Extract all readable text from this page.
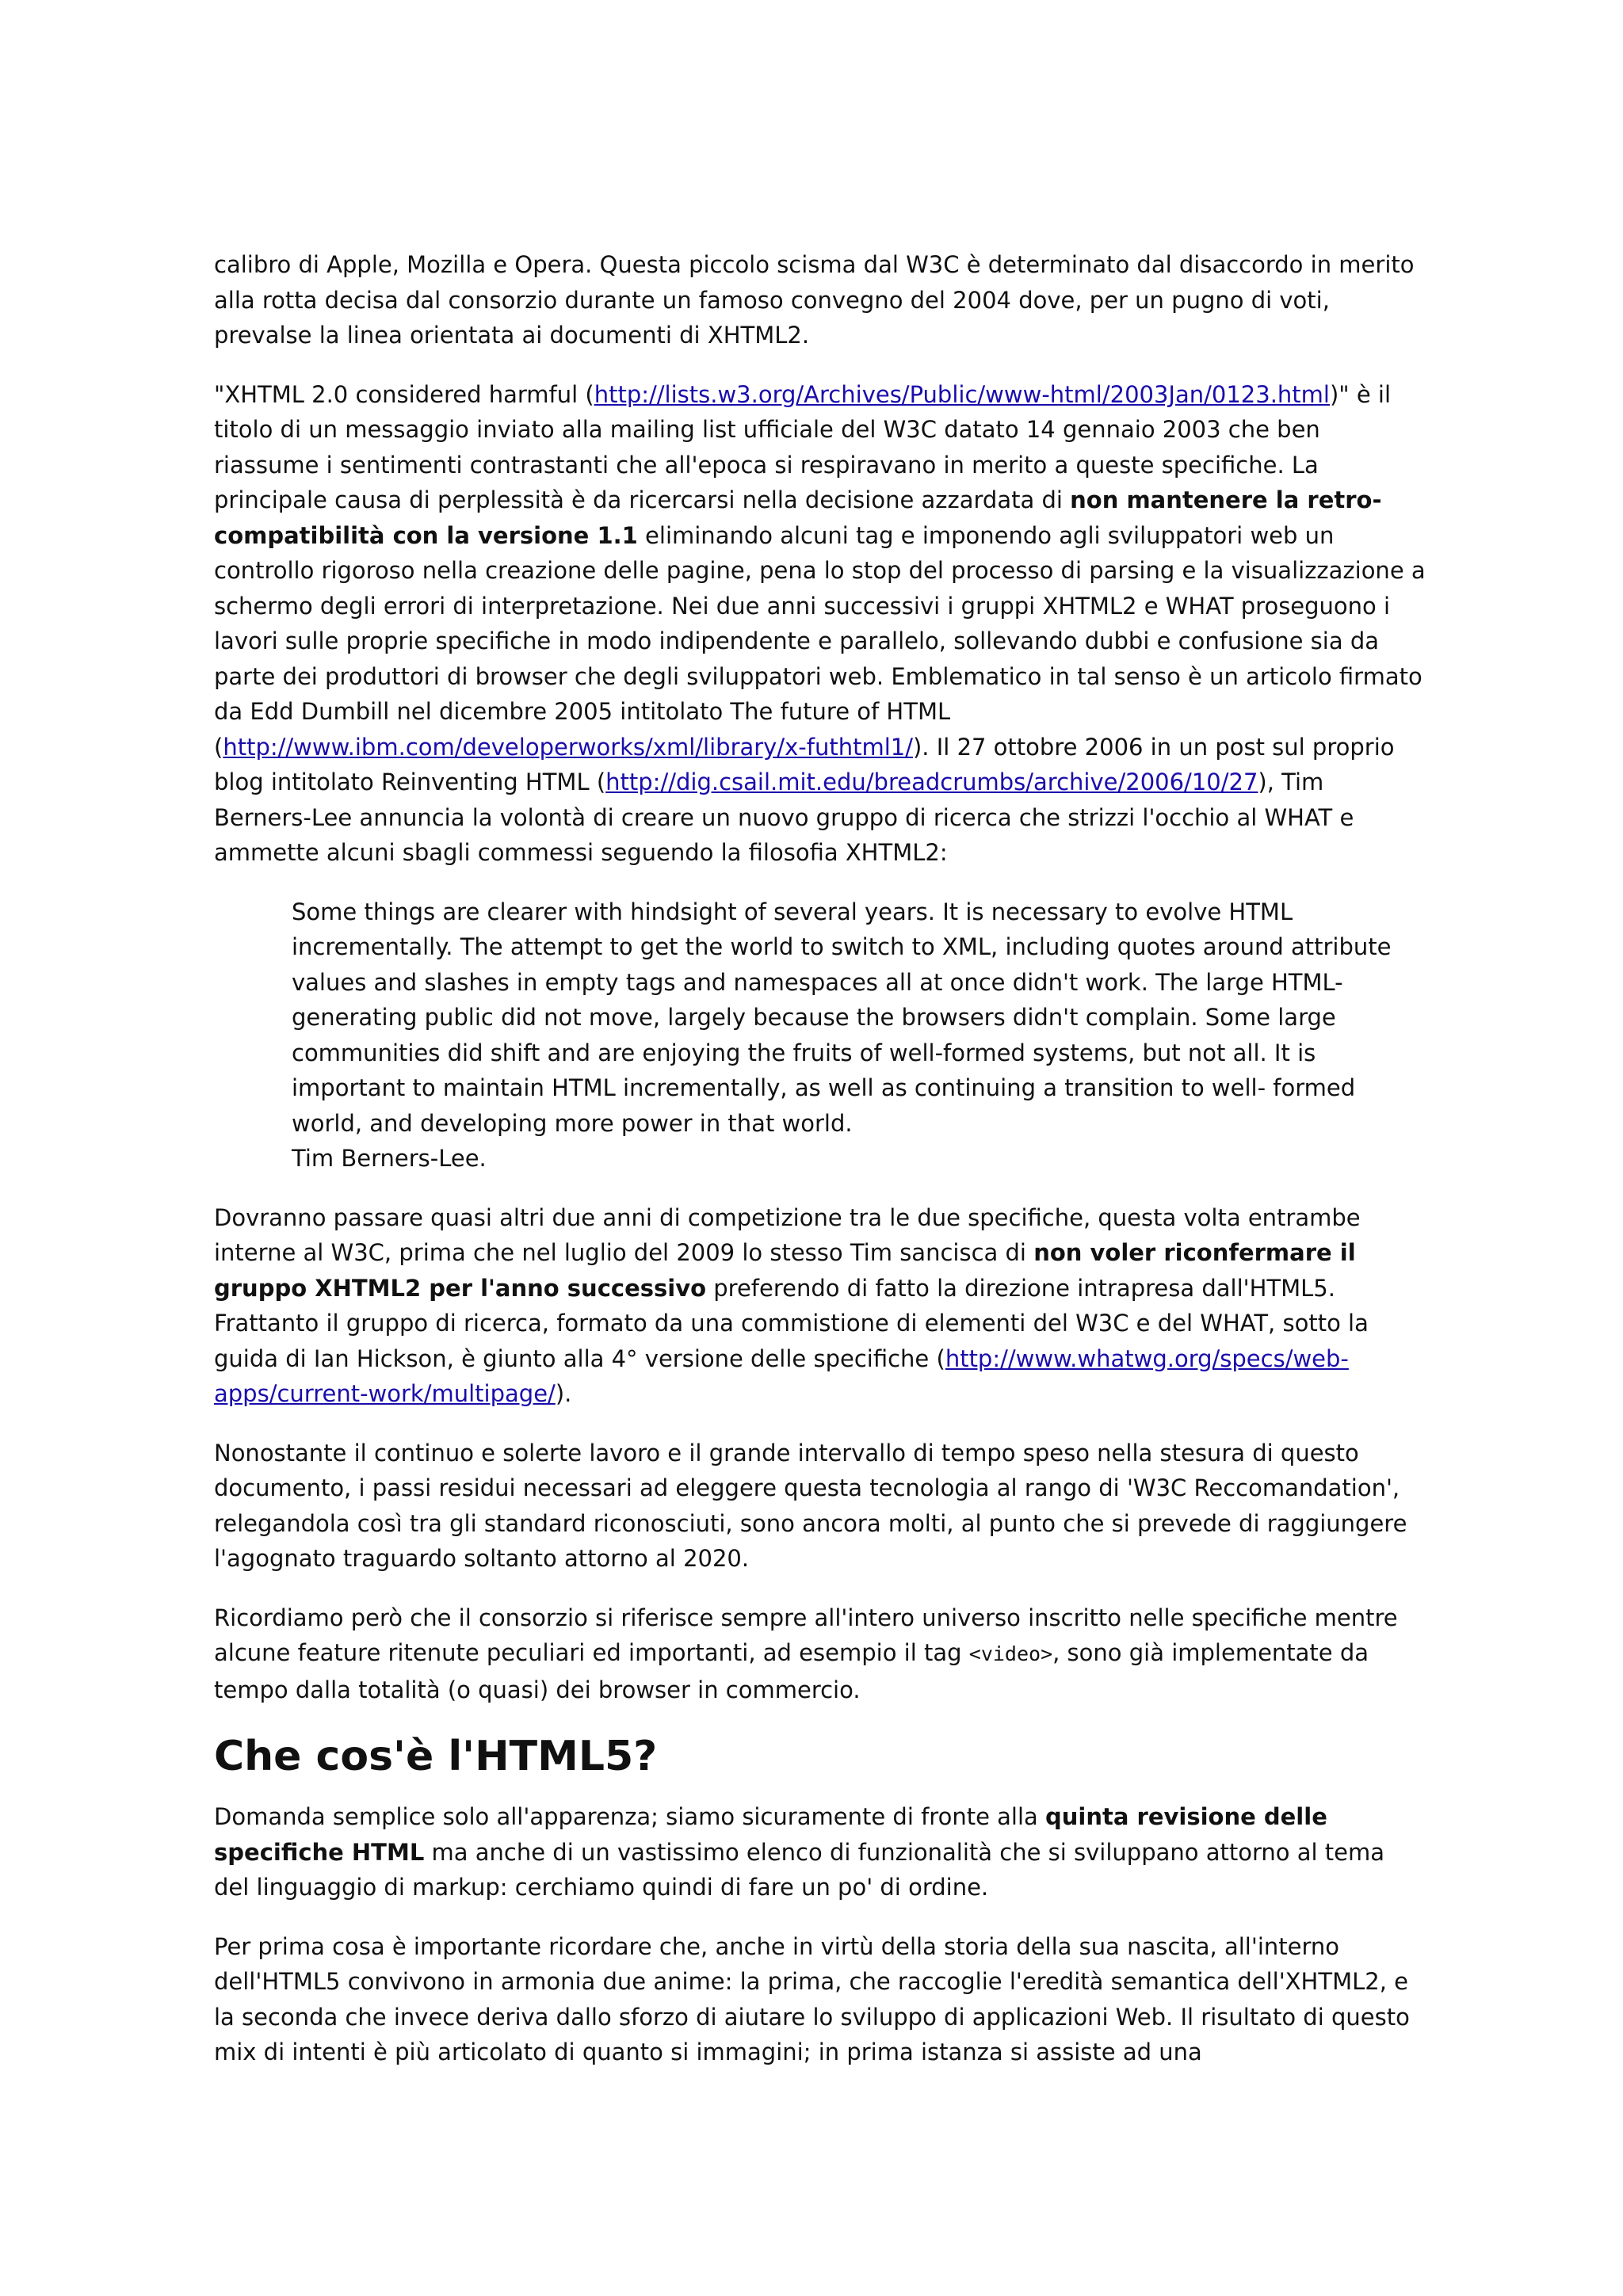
calibro di Apple, Mozilla e Opera. Questa piccolo scisma dal W3C è determinato dal disaccordo in merito alla rotta decisa dal consorzio durante un famoso convegno del 2004 dove, per un pugno di voti, prevalse la linea orientata ai documenti di XHTML2.

"XHTML 2.0 considered harmful (http://lists.w3.org/Archives/Public/www-html/2003Jan/0123.html)" è il titolo di un messaggio inviato alla mailing list ufficiale del W3C datato 14 gennaio 2003 che ben riassume i sentimenti contrastanti che all'epoca si respiravano in merito a queste specifiche. La principale causa di perplessità è da ricercarsi nella decisione azzardata di non mantenere la retro-compatibilità con la versione 1.1 eliminando alcuni tag e imponendo agli sviluppatori web un controllo rigoroso nella creazione delle pagine, pena lo stop del processo di parsing e la visualizzazione a schermo degli errori di interpretazione. Nei due anni successivi i gruppi XHTML2 e WHAT proseguono i lavori sulle proprie specifiche in modo indipendente e parallelo, sollevando dubbi e confusione sia da parte dei produttori di browser che degli sviluppatori web. Emblematico in tal senso è un articolo firmato da Edd Dumbill nel dicembre 2005 intitolato The future of HTML (http://www.ibm.com/developerworks/xml/library/x-futhtml1/). Il 27 ottobre 2006 in un post sul proprio blog intitolato Reinventing HTML (http://dig.csail.mit.edu/breadcrumbs/archive/2006/10/27), Tim Berners-Lee annuncia la volontà di creare un nuovo gruppo di ricerca che strizzi l'occhio al WHAT e ammette alcuni sbagli commessi seguendo la filosofia XHTML2:

Some things are clearer with hindsight of several years. It is necessary to evolve HTML incrementally. The attempt to get the world to switch to XML, including quotes around attribute values and slashes in empty tags and namespaces all at once didn't work. The large HTML-generating public did not move, largely because the browsers didn't complain. Some large communities did shift and are enjoying the fruits of well-formed systems, but not all. It is important to maintain HTML incrementally, as well as continuing a transition to well- formed world, and developing more power in that world.
Tim Berners-Lee.

Dovranno passare quasi altri due anni di competizione tra le due specifiche, questa volta entrambe interne al W3C, prima che nel luglio del 2009 lo stesso Tim sancisca di non voler riconfermare il gruppo XHTML2 per l'anno successivo preferendo di fatto la direzione intrapresa dall'HTML5. Frattanto il gruppo di ricerca, formato da una commistione di elementi del W3C e del WHAT, sotto la guida di Ian Hickson, è giunto alla 4° versione delle specifiche (http://www.whatwg.org/specs/web-apps/current-work/multipage/).

Nonostante il continuo e solerte lavoro e il grande intervallo di tempo speso nella stesura di questo documento, i passi residui necessari ad eleggere questa tecnologia al rango di 'W3C Reccomandation', relegandola così tra gli standard riconosciuti, sono ancora molti, al punto che si prevede di raggiungere l'agognato traguardo soltanto attorno al 2020.

Ricordiamo però che il consorzio si riferisce sempre all'intero universo inscritto nelle specifiche mentre alcune feature ritenute peculiari ed importanti, ad esempio il tag <video>, sono già implementate da tempo dalla totalità (o quasi) dei browser in commercio.

Che cos'è l'HTML5?

Domanda semplice solo all'apparenza; siamo sicuramente di fronte alla quinta revisione delle specifiche HTML ma anche di un vastissimo elenco di funzionalità che si sviluppano attorno al tema del linguaggio di markup: cerchiamo quindi di fare un po' di ordine.

Per prima cosa è importante ricordare che, anche in virtù della storia della sua nascita, all'interno dell'HTML5 convivono in armonia due anime: la prima, che raccoglie l'eredità semantica dell'XHTML2, e la seconda che invece deriva dallo sforzo di aiutare lo sviluppo di applicazioni Web. Il risultato di questo mix di intenti è più articolato di quanto si immagini; in prima istanza si assiste ad una
